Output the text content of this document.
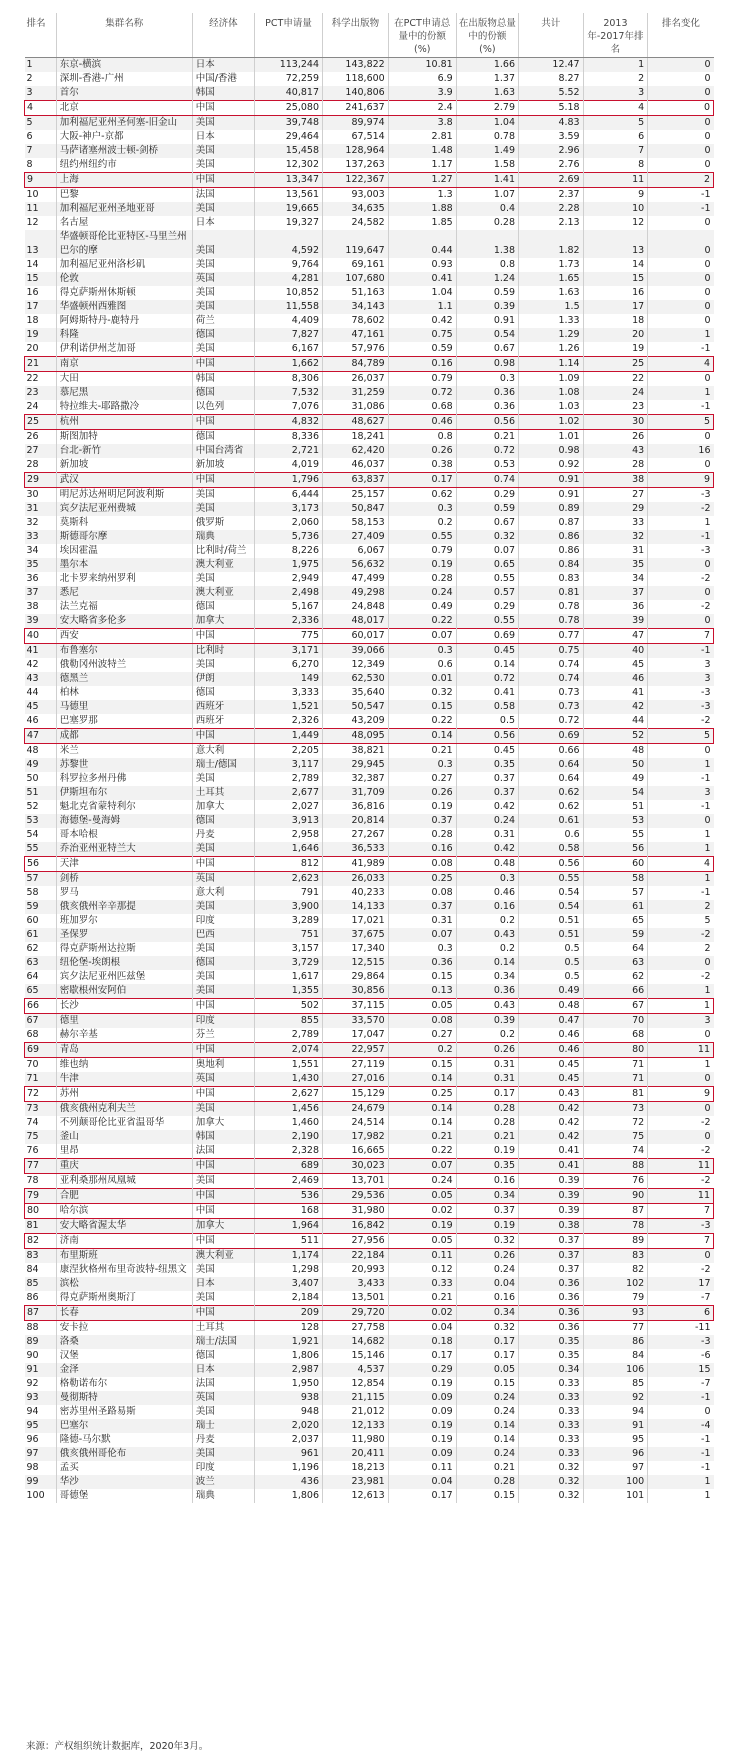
排名	集群名称	经济体	PCT申请量	科学出版物	在PCT申请总量中的份额 (%)	在出版物总量中的份额 (%)	共计	2013年-2017年排名	排名变化
1	东京-横滨	日本	113,244	143,822	10.81	1.66	12.47	1	0
2	深圳-香港-广州	中国/香港	72,259	118,600	6.9	1.37	8.27	2	0
3	首尔	韩国	40,817	140,806	3.9	1.63	5.52	3	0
4	北京	中国	25,080	241,637	2.4	2.79	5.18	4	0
5	加利福尼亚州圣何塞-旧金山	美国	39,748	89,974	3.8	1.04	4.83	5	0
6	大阪-神户-京都	日本	29,464	67,514	2.81	0.78	3.59	6	0
7	马萨诸塞州波士顿-剑桥	美国	15,458	128,964	1.48	1.49	2.96	7	0
8	纽约州纽约市	美国	12,302	137,263	1.17	1.58	2.76	8	0
9	上海	中国	13,347	122,367	1.27	1.41	2.69	11	2
10	巴黎	法国	13,561	93,003	1.3	1.07	2.37	9	-1
11	加利福尼亚州圣地亚哥	美国	19,665	34,635	1.88	0.4	2.28	10	-1
12	名古屋	日本	19,327	24,582	1.85	0.28	2.13	12	0
13	华盛顿哥伦比亚特区-马里兰州巴尔的摩	美国	4,592	119,647	0.44	1.38	1.82	13	0
14	加利福尼亚州洛杉矶	美国	9,764	69,161	0.93	0.8	1.73	14	0
15	伦敦	英国	4,281	107,680	0.41	1.24	1.65	15	0
16	得克萨斯州休斯顿	美国	10,852	51,163	1.04	0.59	1.63	16	0
17	华盛顿州西雅图	美国	11,558	34,143	1.1	0.39	1.5	17	0
18	阿姆斯特丹-鹿特丹	荷兰	4,409	78,602	0.42	0.91	1.33	18	0
19	科隆	德国	7,827	47,161	0.75	0.54	1.29	20	1
20	伊利诺伊州芝加哥	美国	6,167	57,976	0.59	0.67	1.26	19	-1
21	南京	中国	1,662	84,789	0.16	0.98	1.14	25	4
22	大田	韩国	8,306	26,037	0.79	0.3	1.09	22	0
23	慕尼黑	德国	7,532	31,259	0.72	0.36	1.08	24	1
24	特拉维夫-耶路撒冷	以色列	7,076	31,086	0.68	0.36	1.03	23	-1
25	杭州	中国	4,832	48,627	0.46	0.56	1.02	30	5
26	斯图加特	德国	8,336	18,241	0.8	0.21	1.01	26	0
27	台北-新竹	中国台湾省	2,721	62,420	0.26	0.72	0.98	43	16
28	新加坡	新加坡	4,019	46,037	0.38	0.53	0.92	28	0
29	武汉	中国	1,796	63,837	0.17	0.74	0.91	38	9
30	明尼苏达州明尼阿波利斯	美国	6,444	25,157	0.62	0.29	0.91	27	-3
31	宾夕法尼亚州费城	美国	3,173	50,847	0.3	0.59	0.89	29	-2
32	莫斯科	俄罗斯	2,060	58,153	0.2	0.67	0.87	33	1
33	斯德哥尔摩	瑞典	5,736	27,409	0.55	0.32	0.86	32	-1
34	埃因霍温	比利时/荷兰	8,226	6,067	0.79	0.07	0.86	31	-3
35	墨尔本	澳大利亚	1,975	56,632	0.19	0.65	0.84	35	0
36	北卡罗来纳州罗利	美国	2,949	47,499	0.28	0.55	0.83	34	-2
37	悉尼	澳大利亚	2,498	49,298	0.24	0.57	0.81	37	0
38	法兰克福	德国	5,167	24,848	0.49	0.29	0.78	36	-2
39	安大略省多伦多	加拿大	2,336	48,017	0.22	0.55	0.78	39	0
40	西安	中国	775	60,017	0.07	0.69	0.77	47	7
41	布鲁塞尔	比利时	3,171	39,066	0.3	0.45	0.75	40	-1
42	俄勒冈州波特兰	美国	6,270	12,349	0.6	0.14	0.74	45	3
43	德黑兰	伊朗	149	62,530	0.01	0.72	0.74	46	3
44	柏林	德国	3,333	35,640	0.32	0.41	0.73	41	-3
45	马德里	西班牙	1,521	50,547	0.15	0.58	0.73	42	-3
46	巴塞罗那	西班牙	2,326	43,209	0.22	0.5	0.72	44	-2
47	成都	中国	1,449	48,095	0.14	0.56	0.69	52	5
48	米兰	意大利	2,205	38,821	0.21	0.45	0.66	48	0
49	苏黎世	瑞士/德国	3,117	29,945	0.3	0.35	0.64	50	1
50	科罗拉多州丹佛	美国	2,789	32,387	0.27	0.37	0.64	49	-1
51	伊斯坦布尔	土耳其	2,677	31,709	0.26	0.37	0.62	54	3
52	魁北克省蒙特利尔	加拿大	2,027	36,816	0.19	0.42	0.62	51	-1
53	海德堡-曼海姆	德国	3,913	20,814	0.37	0.24	0.61	53	0
54	哥本哈根	丹麦	2,958	27,267	0.28	0.31	0.6	55	1
55	乔治亚州亚特兰大	美国	1,646	36,533	0.16	0.42	0.58	56	1
56	天津	中国	812	41,989	0.08	0.48	0.56	60	4
57	剑桥	英国	2,623	26,033	0.25	0.3	0.55	58	1
58	罗马	意大利	791	40,233	0.08	0.46	0.54	57	-1
59	俄亥俄州辛辛那提	美国	3,900	14,133	0.37	0.16	0.54	61	2
60	班加罗尔	印度	3,289	17,021	0.31	0.2	0.51	65	5
61	圣保罗	巴西	751	37,675	0.07	0.43	0.51	59	-2
62	得克萨斯州达拉斯	美国	3,157	17,340	0.3	0.2	0.5	64	2
63	纽伦堡-埃朗根	德国	3,729	12,515	0.36	0.14	0.5	63	0
64	宾夕法尼亚州匹兹堡	美国	1,617	29,864	0.15	0.34	0.5	62	-2
65	密歇根州安阿伯	美国	1,355	30,856	0.13	0.36	0.49	66	1
66	长沙	中国	502	37,115	0.05	0.43	0.48	67	1
67	德里	印度	855	33,570	0.08	0.39	0.47	70	3
68	赫尔辛基	芬兰	2,789	17,047	0.27	0.2	0.46	68	0
69	青岛	中国	2,074	22,957	0.2	0.26	0.46	80	11
70	维也纳	奥地利	1,551	27,119	0.15	0.31	0.45	71	1
71	牛津	英国	1,430	27,016	0.14	0.31	0.45	71	0
72	苏州	中国	2,627	15,129	0.25	0.17	0.43	81	9
73	俄亥俄州克利夫兰	美国	1,456	24,679	0.14	0.28	0.42	73	0
74	不列颠哥伦比亚省温哥华	加拿大	1,460	24,514	0.14	0.28	0.42	72	-2
75	釜山	韩国	2,190	17,982	0.21	0.21	0.42	75	0
76	里昂	法国	2,328	16,665	0.22	0.19	0.41	74	-2
77	重庆	中国	689	30,023	0.07	0.35	0.41	88	11
78	亚利桑那州凤凰城	美国	2,469	13,701	0.24	0.16	0.39	76	-2
79	合肥	中国	536	29,536	0.05	0.34	0.39	90	11
80	哈尔滨	中国	168	31,980	0.02	0.37	0.39	87	7
81	安大略省渥太华	加拿大	1,964	16,842	0.19	0.19	0.38	78	-3
82	济南	中国	511	27,956	0.05	0.32	0.37	89	7
83	布里斯班	澳大利亚	1,174	22,184	0.11	0.26	0.37	83	0
84	康涅狄格州布里奇波特-纽黑文	美国	1,298	20,993	0.12	0.24	0.37	82	-2
85	滨松	日本	3,407	3,433	0.33	0.04	0.36	102	17
86	得克萨斯州奥斯汀	美国	2,184	13,501	0.21	0.16	0.36	79	-7
87	长春	中国	209	29,720	0.02	0.34	0.36	93	6
88	安卡拉	土耳其	128	27,758	0.04	0.32	0.36	77	-11
89	洛桑	瑞士/法国	1,921	14,682	0.18	0.17	0.35	86	-3
90	汉堡	德国	1,806	15,146	0.17	0.17	0.35	84	-6
91	金泽	日本	2,987	4,537	0.29	0.05	0.34	106	15
92	格勒诺布尔	法国	1,950	12,854	0.19	0.15	0.33	85	-7
93	曼彻斯特	英国	938	21,115	0.09	0.24	0.33	92	-1
94	密苏里州圣路易斯	美国	948	21,012	0.09	0.24	0.33	94	0
95	巴塞尔	瑞士	2,020	12,133	0.19	0.14	0.33	91	-4
96	隆德-马尔默	丹麦	2,037	11,980	0.19	0.14	0.33	95	-1
97	俄亥俄州哥伦布	美国	961	20,411	0.09	0.24	0.33	96	-1
98	孟买	印度	1,196	18,213	0.11	0.21	0.32	97	-1
99	华沙	波兰	436	23,981	0.04	0.28	0.32	100	1
100	哥德堡	瑞典	1,806	12,613	0.17	0.15	0.32	101	1
来源：产权组织统计数据库，2020年3月。
